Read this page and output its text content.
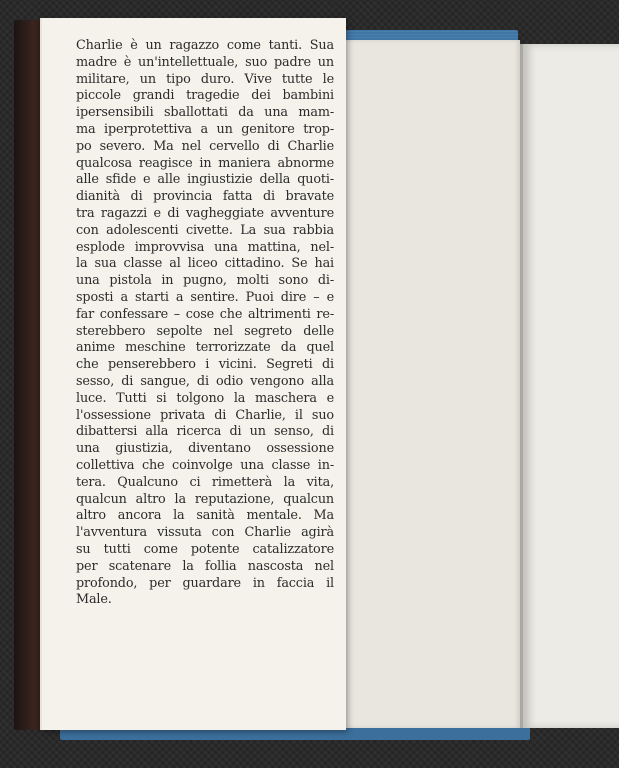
Charlie è un ragazzo come tanti. Sua
madre è un'intellettuale, suo padre un
militare, un tipo duro. Vive tutte le
piccole grandi tragedie dei bambini
ipersensibili sballottati da una mam-
ma iperprotettiva a un genitore trop-
po severo. Ma nel cervello di Charlie
qualcosa reagisce in maniera abnorme
alle sfide e alle ingiustizie della quoti-
dianità di provincia fatta di bravate
tra ragazzi e di vagheggiate avventure
con adolescenti civette. La sua rabbia
esplode improvvisa una mattina, nel-
la sua classe al liceo cittadino. Se hai
una pistola in pugno, molti sono di-
sposti a starti a sentire. Puoi dire – e
far confessare – cose che altrimenti re-
sterebbero sepolte nel segreto delle
anime meschine terrorizzate da quel
che penserebbero i vicini. Segreti di
sesso, di sangue, di odio vengono alla
luce. Tutti si tolgono la maschera e
l'ossessione privata di Charlie, il suo
dibattersi alla ricerca di un senso, di
una giustizia, diventano ossessione
collettiva che coinvolge una classe in-
tera. Qualcuno ci rimetterà la vita,
qualcun altro la reputazione, qualcun
altro ancora la sanità mentale. Ma
l'avventura vissuta con Charlie agirà
su tutti come potente catalizzatore
per scatenare la follia nascosta nel
profondo, per guardare in faccia il
Male.
